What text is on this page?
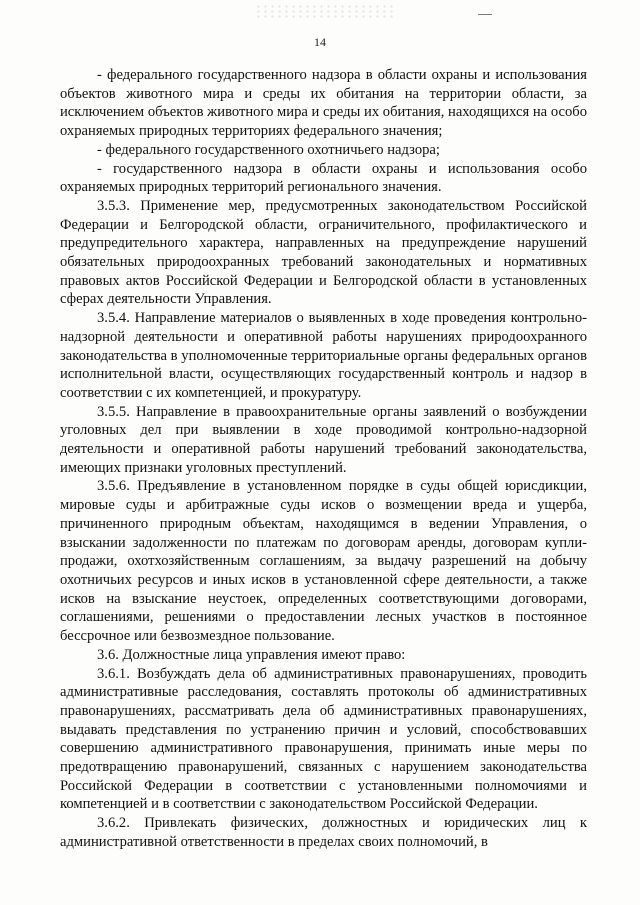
14

- федерального государственного надзора в области охраны и использования объектов животного мира и среды их обитания на территории области, за исключением объектов животного мира и среды их обитания, находящихся на особо охраняемых природных территориях федерального значения;

- федерального государственного охотничьего надзора;

- государственного надзора в области охраны и использования особо охраняемых природных территорий регионального значения.

3.5.3. Применение мер, предусмотренных законодательством Российской Федерации и Белгородской области, ограничительного, профилактического и предупредительного характера, направленных на предупреждение нарушений обязательных природоохранных требований законодательных и нормативных правовых актов Российской Федерации и Белгородской области в установленных сферах деятельности Управления.

3.5.4. Направление материалов о выявленных в ходе проведения контрольно-надзорной деятельности и оперативной работы нарушениях природоохранного законодательства в уполномоченные территориальные органы федеральных органов исполнительной власти, осуществляющих государственный контроль и надзор в соответствии с их компетенцией, и прокуратуру.

3.5.5. Направление в правоохранительные органы заявлений о возбуждении уголовных дел при выявлении в ходе проводимой контрольно-надзорной деятельности и оперативной работы нарушений требований законодательства, имеющих признаки уголовных преступлений.

3.5.6. Предъявление в установленном порядке в суды общей юрисдикции, мировые суды и арбитражные суды исков о возмещении вреда и ущерба, причиненного природным объектам, находящимся в ведении Управления, о взыскании задолженности по платежам по договорам аренды, договорам купли-продажи, охотхозяйственным соглашениям, за выдачу разрешений на добычу охотничьих ресурсов и иных исков в установленной сфере деятельности, а также исков на взыскание неустоек, определенных соответствующими договорами, соглашениями, решениями о предоставлении лесных участков в постоянное бессрочное или безвозмездное пользование.

3.6. Должностные лица управления имеют право:

3.6.1. Возбуждать дела об административных правонарушениях, проводить административные расследования, составлять протоколы об административных правонарушениях, рассматривать дела об административных правонарушениях, выдавать представления по устранению причин и условий, способствовавших совершению административного правонарушения, принимать иные меры по предотвращению правонарушений, связанных с нарушением законодательства Российской Федерации в соответствии с установленными полномочиями и компетенцией и в соответствии с законодательством Российской Федерации.

3.6.2. Привлекать физических, должностных и юридических лиц к административной ответственности в пределах своих полномочий, в
